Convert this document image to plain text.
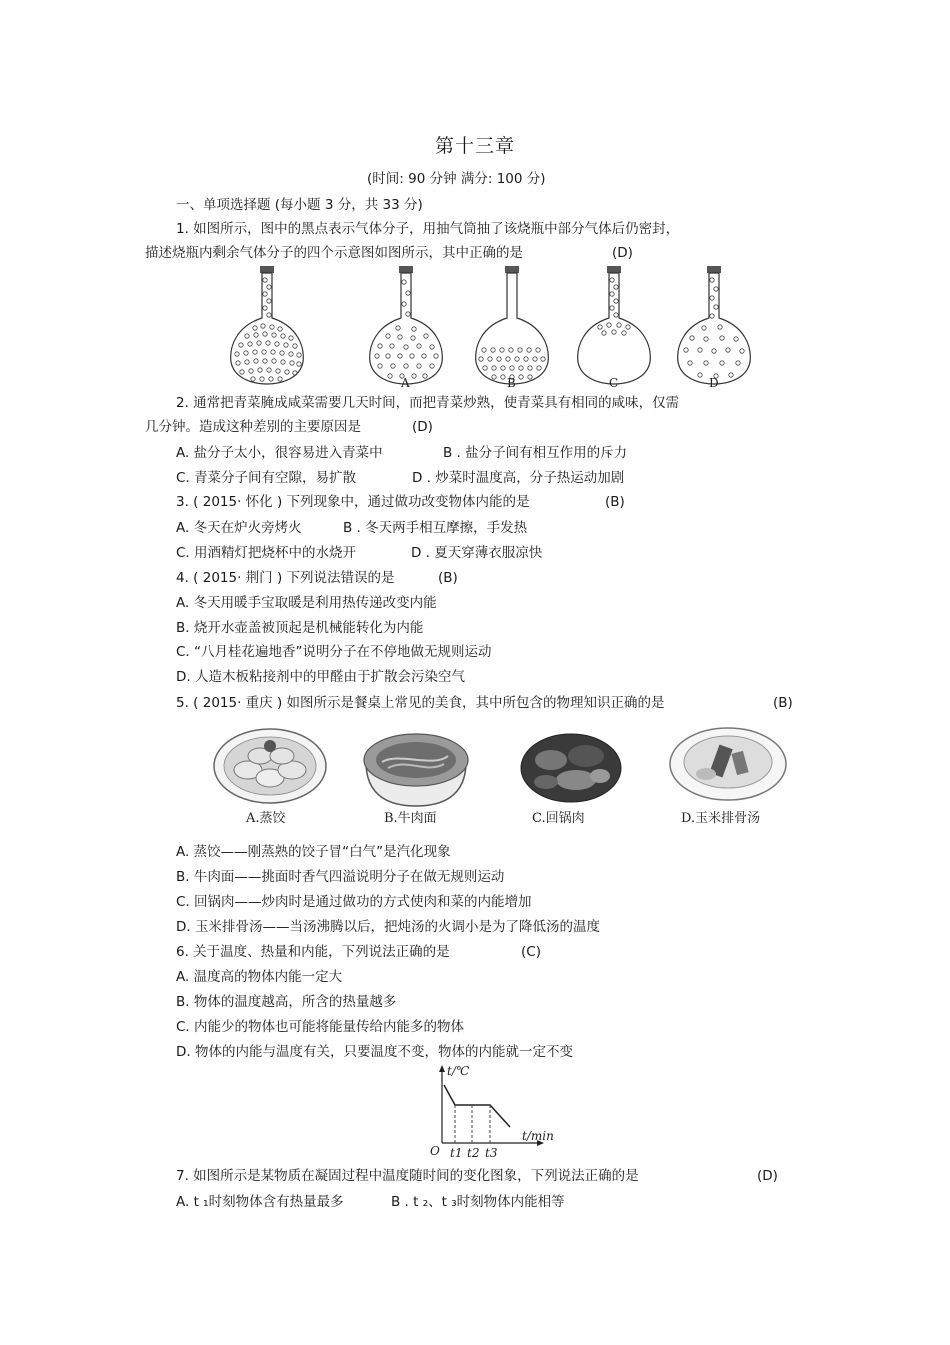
第十三章
(时间: 90 分钟 满分: 100 分)
一、单项选择题 (每小题 3 分，共 33 分)
1. 如图所示，图中的黑点表示气体分子，用抽气筒抽了该烧瓶中部分气体后仍密封，
描述烧瓶内剩余气体分子的四个示意图如图所示，其中正确的是	(D)
A	B	C	D
2. 通常把青菜腌成咸菜需要几天时间，而把青菜炒熟，使青菜具有相同的咸味，仅需
几分钟。造成这种差别的主要原因是	(D)
A. 盐分子太小，很容易进入青菜中	B . 盐分子间有相互作用的斥力
C. 青菜分子间有空隙，易扩散	D . 炒菜时温度高，分子热运动加剧
3. ( 2015· 怀化 ) 下列现象中，通过做功改变物体内能的是	(B)
A. 冬天在炉火旁烤火	B . 冬天两手相互摩擦，手发热
C. 用酒精灯把烧杯中的水烧开	D . 夏天穿薄衣服凉快
4. ( 2015· 荆门 ) 下列说法错误的是	(B)
A. 冬天用暖手宝取暖是利用热传递改变内能
B. 烧开水壶盖被顶起是机械能转化为内能
C. “八月桂花遍地香”说明分子在不停地做无规则运动
D. 人造木板粘接剂中的甲醛由于扩散会污染空气
5. ( 2015· 重庆 ) 如图所示是餐桌上常见的美食，其中所包含的物理知识正确的是	(B)
A.蒸饺	B.牛肉面	C.回锅肉	D.玉米排骨汤
A. 蒸饺——刚蒸熟的饺子冒“白气”是汽化现象
B. 牛肉面——挑面时香气四溢说明分子在做无规则运动
C. 回锅肉——炒肉时是通过做功的方式使肉和菜的内能增加
D. 玉米排骨汤——当汤沸腾以后，把炖汤的火调小是为了降低汤的温度
6. 关于温度、热量和内能，下列说法正确的是	(C)
A. 温度高的物体内能一定大
B. 物体的温度越高，所含的热量越多
C. 内能少的物体也可能将能量传给内能多的物体
D. 物体的内能与温度有关，只要温度不变，物体的内能就一定不变
t/℃
t/min
O t1 t2 t3
7. 如图所示是某物质在凝固过程中温度随时间的变化图象，下列说法正确的是	(D)
A. t ₁时刻物体含有热量最多	B . t ₂、t ₃时刻物体内能相等
